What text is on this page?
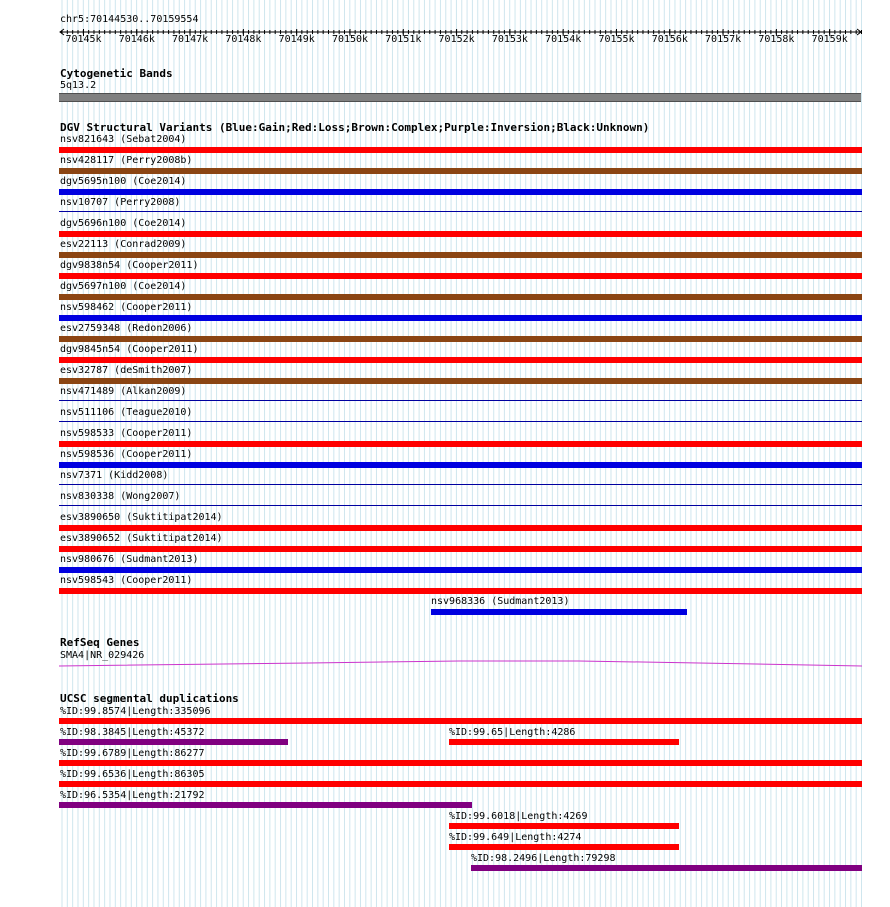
chr5:70144530..70159554
70145k 70146k 70147k 70148k 70149k 70150k 70151k 70152k 70153k 70154k 70155k 70156k 70157k 70158k 70159k
Cytogenetic Bands
5q13.2
DGV Structural Variants (Blue:Gain;Red:Loss;Brown:Complex;Purple:Inversion;Black:Unknown)
nsv821643 (Sebat2004)
nsv428117 (Perry2008b)
dgv5695n100 (Coe2014)
nsv10707 (Perry2008)
dgv5696n100 (Coe2014)
esv22113 (Conrad2009)
dgv9838n54 (Cooper2011)
dgv5697n100 (Coe2014)
nsv598462 (Cooper2011)
esv2759348 (Redon2006)
dgv9845n54 (Cooper2011)
esv32787 (deSmith2007)
nsv471489 (Alkan2009)
nsv511106 (Teague2010)
nsv598533 (Cooper2011)
nsv598536 (Cooper2011)
nsv7371 (Kidd2008)
nsv830338 (Wong2007)
esv3890650 (Suktitipat2014)
esv3890652 (Suktitipat2014)
nsv980676 (Sudmant2013)
nsv598543 (Cooper2011)
nsv968336 (Sudmant2013)
RefSeq Genes
SMA4|NR_029426
UCSC segmental duplications
%ID:99.8574|Length:335096
%ID:98.3845|Length:45372	%ID:99.65|Length:4286
%ID:99.6789|Length:86277
%ID:99.6536|Length:86305
%ID:96.5354|Length:21792
%ID:99.6018|Length:4269
%ID:99.649|Length:4274
%ID:98.2496|Length:79298
